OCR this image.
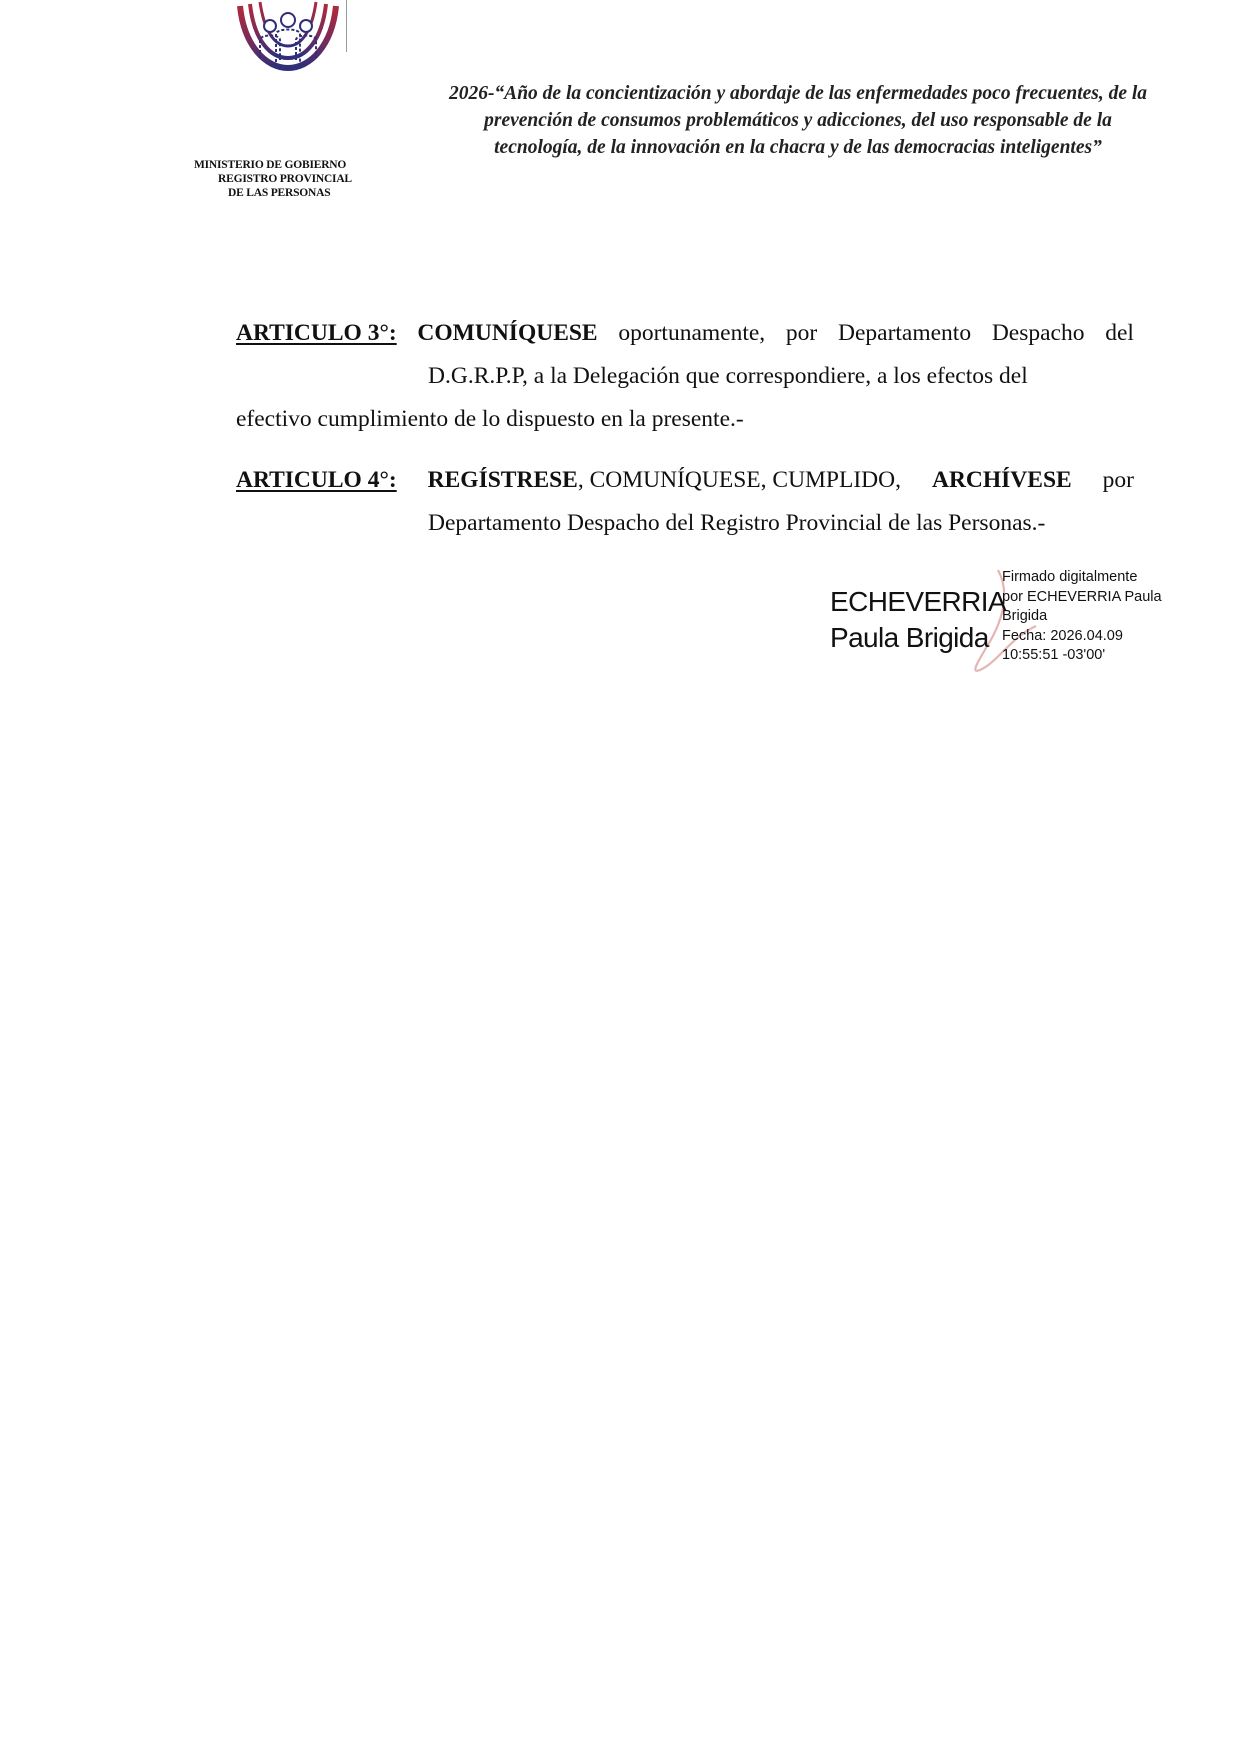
MINISTERIO DE GOBIERNO
REGISTRO PROVINCIAL
DE LAS PERSONAS
2026-“Año de la concientización y abordaje de las enfermedades poco frecuentes, de la
prevención de consumos problemáticos y adicciones, del uso responsable de la
tecnología, de la innovación en la chacra y de las democracias inteligentes”
ARTICULO 3°: COMUNÍQUESE oportunamente, por Departamento Despacho del
D.G.R.P.P, a la Delegación que correspondiere, a los efectos del
efectivo cumplimiento de lo dispuesto en la presente.-
ARTICULO 4°: REGÍSTRESE, COMUNÍQUESE, CUMPLIDO, ARCHÍVESE por
Departamento Despacho del Registro Provincial de las Personas.-
ECHEVERRIA
Paula Brigida
Firmado digitalmente
por ECHEVERRIA Paula
Brigida
Fecha: 2026.04.09
10:55:51 -03'00'
